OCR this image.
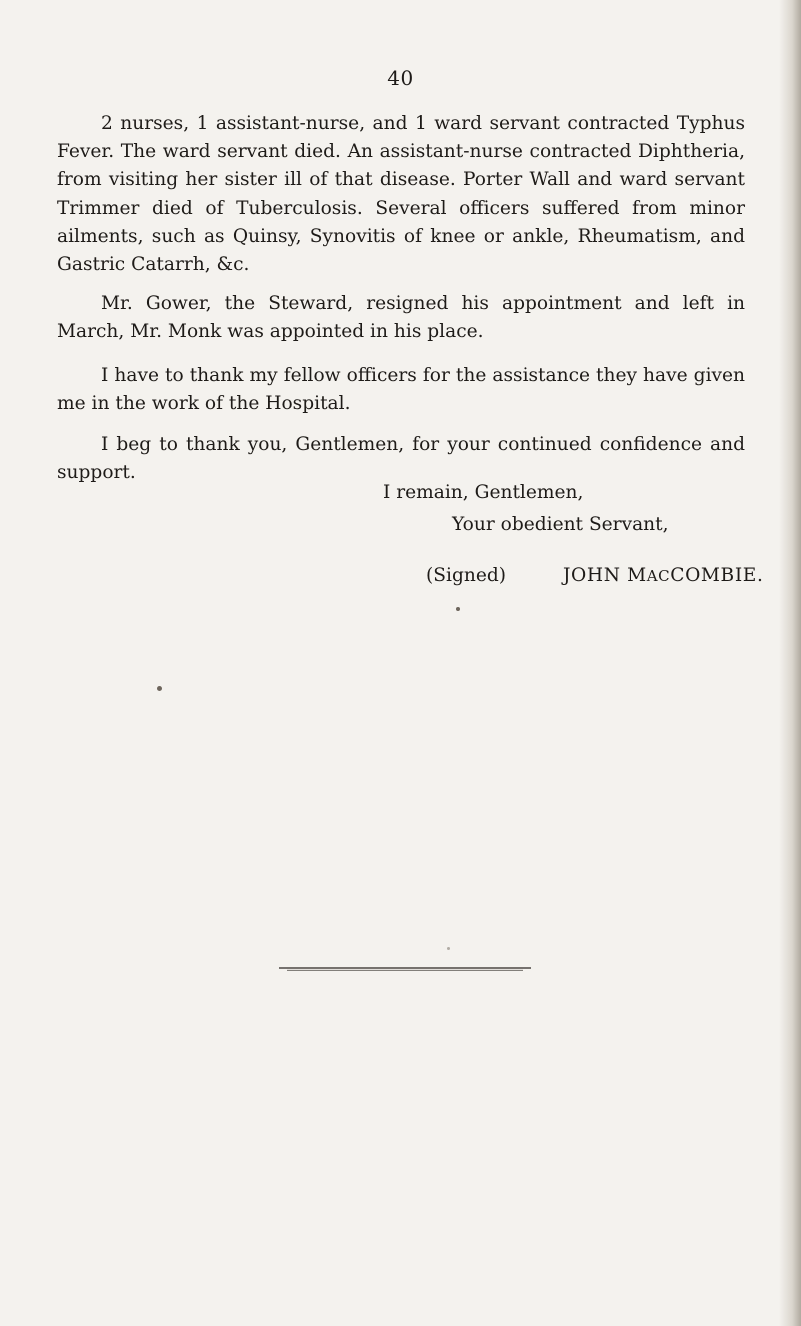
40

2 nurses, 1 assistant-nurse, and 1 ward servant contracted Typhus Fever. The ward servant died. An assistant-nurse contracted Diphtheria, from visiting her sister ill of that disease. Porter Wall and ward servant Trimmer died of Tuberculosis. Several officers suffered from minor ailments, such as Quinsy, Synovitis of knee or ankle, Rheumatism, and Gastric Catarrh, &c.

Mr. Gower, the Steward, resigned his appointment and left in March, Mr. Monk was appointed in his place.

I have to thank my fellow officers for the assistance they have given me in the work of the Hospital.

I beg to thank you, Gentlemen, for your continued confidence and support.

I remain, Gentlemen,
Your obedient Servant,
(Signed)	JOHN MACCOMBIE.
